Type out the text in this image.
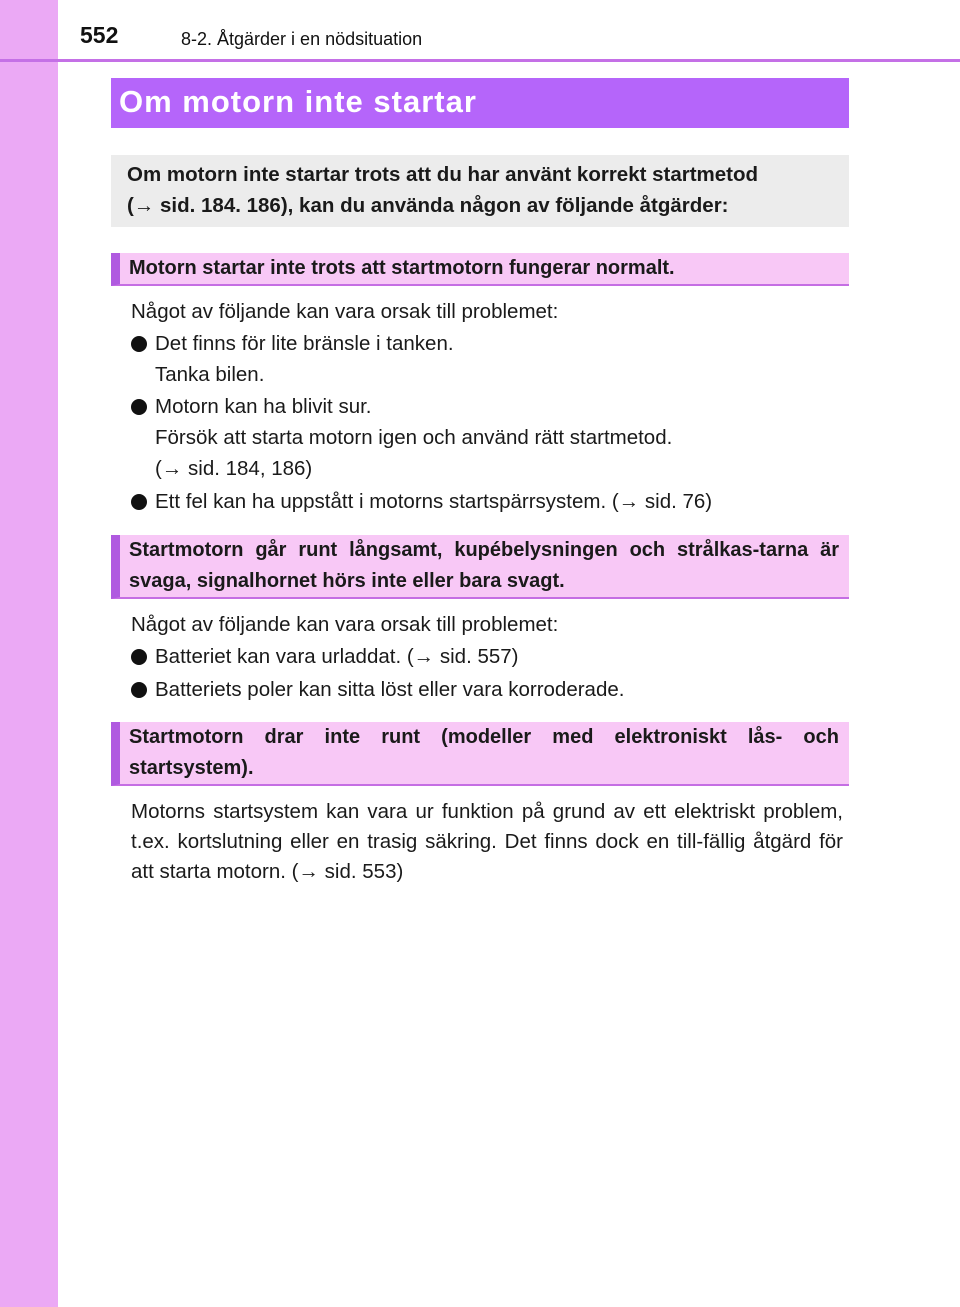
552	8-2. Åtgärder i en nödsituation
Om motorn inte startar

Om motorn inte startar trots att du har använt korrekt startmetod

(→ sid. 184. 186), kan du använda någon av följande åtgärder:

Motorn startar inte trots att startmotorn fungerar normalt.
Något av följande kan vara orsak till problemet:
Det finns för lite bränsle i tanken.
Tanka bilen.
Motorn kan ha blivit sur.
Försök att starta motorn igen och använd rätt startmetod.
(→ sid. 184, 186)
Ett fel kan ha uppstått i motorns startspärrsystem. (→ sid. 76)
Startmotorn går runt långsamt, kupébelysningen och strålkas-tarna är svaga, signalhornet hörs inte eller bara svagt.
Något av följande kan vara orsak till problemet:
Batteriet kan vara urladdat. (→ sid. 557)
Batteriets poler kan sitta löst eller vara korroderade.
Startmotorn drar inte runt (modeller med elektroniskt lås- och startsystem).
Motorns startsystem kan vara ur funktion på grund av ett elektriskt problem, t.ex. kortslutning eller en trasig säkring. Det finns dock en till-fällig åtgärd för att starta motorn. (→ sid. 553)
